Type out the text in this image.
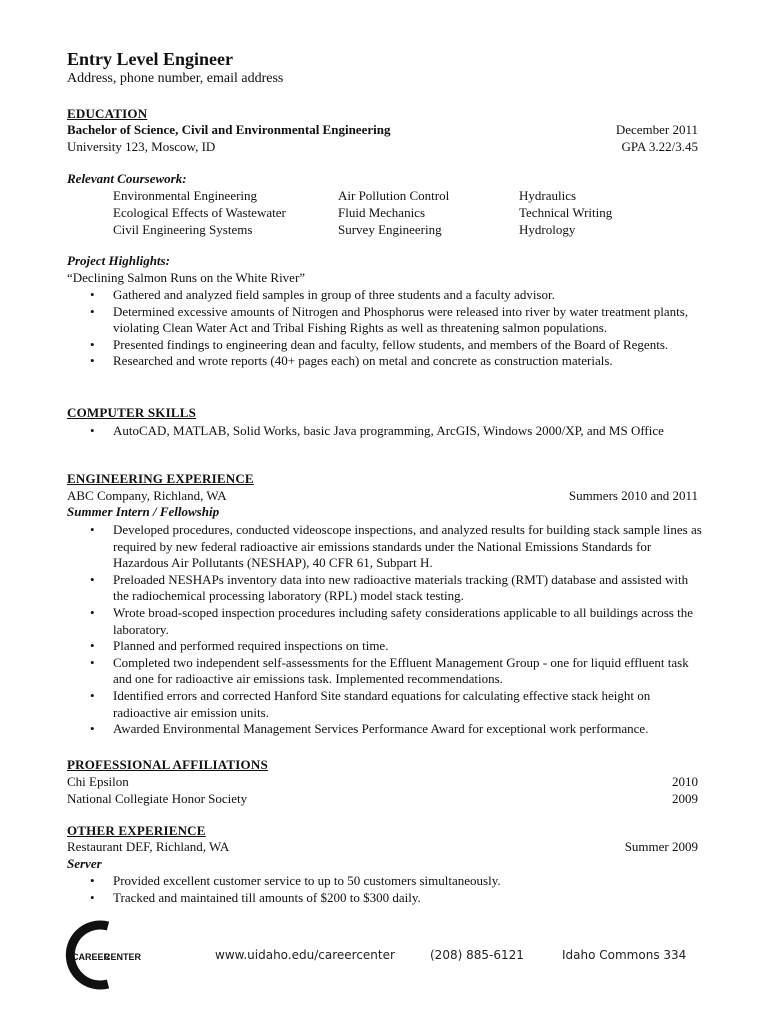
Entry Level Engineer
Address, phone number, email address
EDUCATION
Bachelor of Science, Civil and Environmental Engineering	December 2011
University 123, Moscow, ID	GPA 3.22/3.45
Relevant Coursework:
Environmental Engineering	Air Pollution Control	Hydraulics
Ecological Effects of Wastewater	Fluid Mechanics	Technical Writing
Civil Engineering Systems	Survey Engineering	Hydrology
Project Highlights:
“Declining Salmon Runs on the White River”
• Gathered and analyzed field samples in group of three students and a faculty advisor.
• Determined excessive amounts of Nitrogen and Phosphorus were released into river by water treatment plants, violating Clean Water Act and Tribal Fishing Rights as well as threatening salmon populations.
• Presented findings to engineering dean and faculty, fellow students, and members of the Board of Regents.
• Researched and wrote reports (40+ pages each) on metal and concrete as construction materials.
COMPUTER SKILLS
• AutoCAD, MATLAB, Solid Works, basic Java programming, ArcGIS, Windows 2000/XP, and MS Office
ENGINEERING EXPERIENCE
ABC Company, Richland, WA	Summers 2010 and 2011
Summer Intern / Fellowship
• Developed procedures, conducted videoscope inspections, and analyzed results for building stack sample lines as required by new federal radioactive air emissions standards under the National Emissions Standards for Hazardous Air Pollutants (NESHAP), 40 CFR 61, Subpart H.
• Preloaded NESHAPs inventory data into new radioactive materials tracking (RMT) database and assisted with the radiochemical processing laboratory (RPL) model stack testing.
• Wrote broad-scoped inspection procedures including safety considerations applicable to all buildings across the laboratory.
• Planned and performed required inspections on time.
• Completed two independent self-assessments for the Effluent Management Group - one for liquid effluent task and one for radioactive air emissions task. Implemented recommendations.
• Identified errors and corrected Hanford Site standard equations for calculating effective stack height on radioactive air emission units.
• Awarded Environmental Management Services Performance Award for exceptional work performance.
PROFESSIONAL AFFILIATIONS
Chi Epsilon	2010
National Collegiate Honor Society	2009
OTHER EXPERIENCE
Restaurant DEF, Richland, WA	Summer 2009
Server
• Provided excellent customer service to up to 50 customers simultaneously.
• Tracked and maintained till amounts of $200 to $300 daily.
CAREER
CENTER	www.uidaho.edu/careercenter	(208) 885-6121	Idaho Commons 334
